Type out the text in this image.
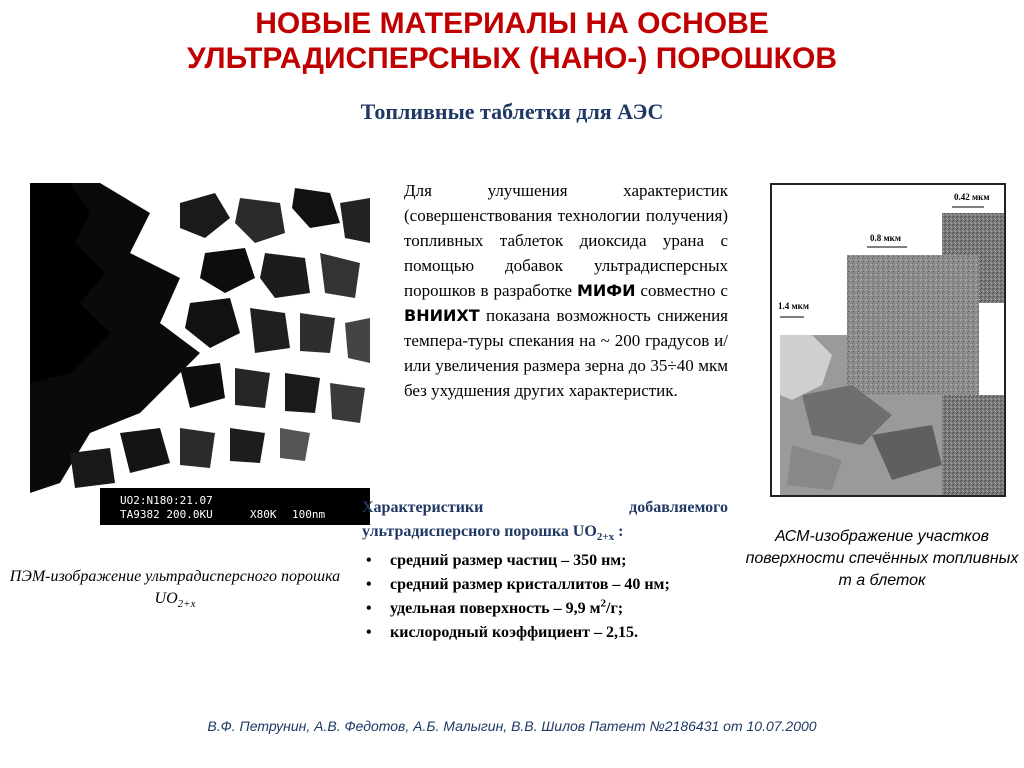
НОВЫЕ МАТЕРИАЛЫ НА ОСНОВЕ
УЛЬТРАДИСПЕРСНЫХ (НАНО-) ПОРОШКОВ
Топливные таблетки для АЭС
UO2:N180:21.07
TA9382 200.0KU	X80K 100nm
ПЭМ-изображение ультрадисперсного порошка $UO_{2+x}$
Для улучшения характеристик (совершенствования технологии получения) топливных таблеток диоксида урана с помощью добавок ультрадисперсных порошков в разработке МИФИ совместно с ВНИИХТ показана возможность снижения темпера-туры спекания на ~ 200 градусов и/или увеличения размера зерна до 35÷40 мкм без ухудшения других характеристик.
Характеристики добавляемого
ультрадисперсного порошка $UO_{2+x}$ :
• средний размер частиц – 350 нм;
• средний размер кристаллитов – 40 нм;
• удельная поверхность – 9,9 $м^2/г$;
• кислородный коэффициент – 2,15.
0.42 мкм
0.8 мкм
1.4 мкм
АСМ-изображение участков поверхности спечённых топливных т а блеток
В.Ф. Петрунин, А.В. Федотов, А.Б. Малыгин, В.В. Шилов Патент №2186431 от 10.07.2000
